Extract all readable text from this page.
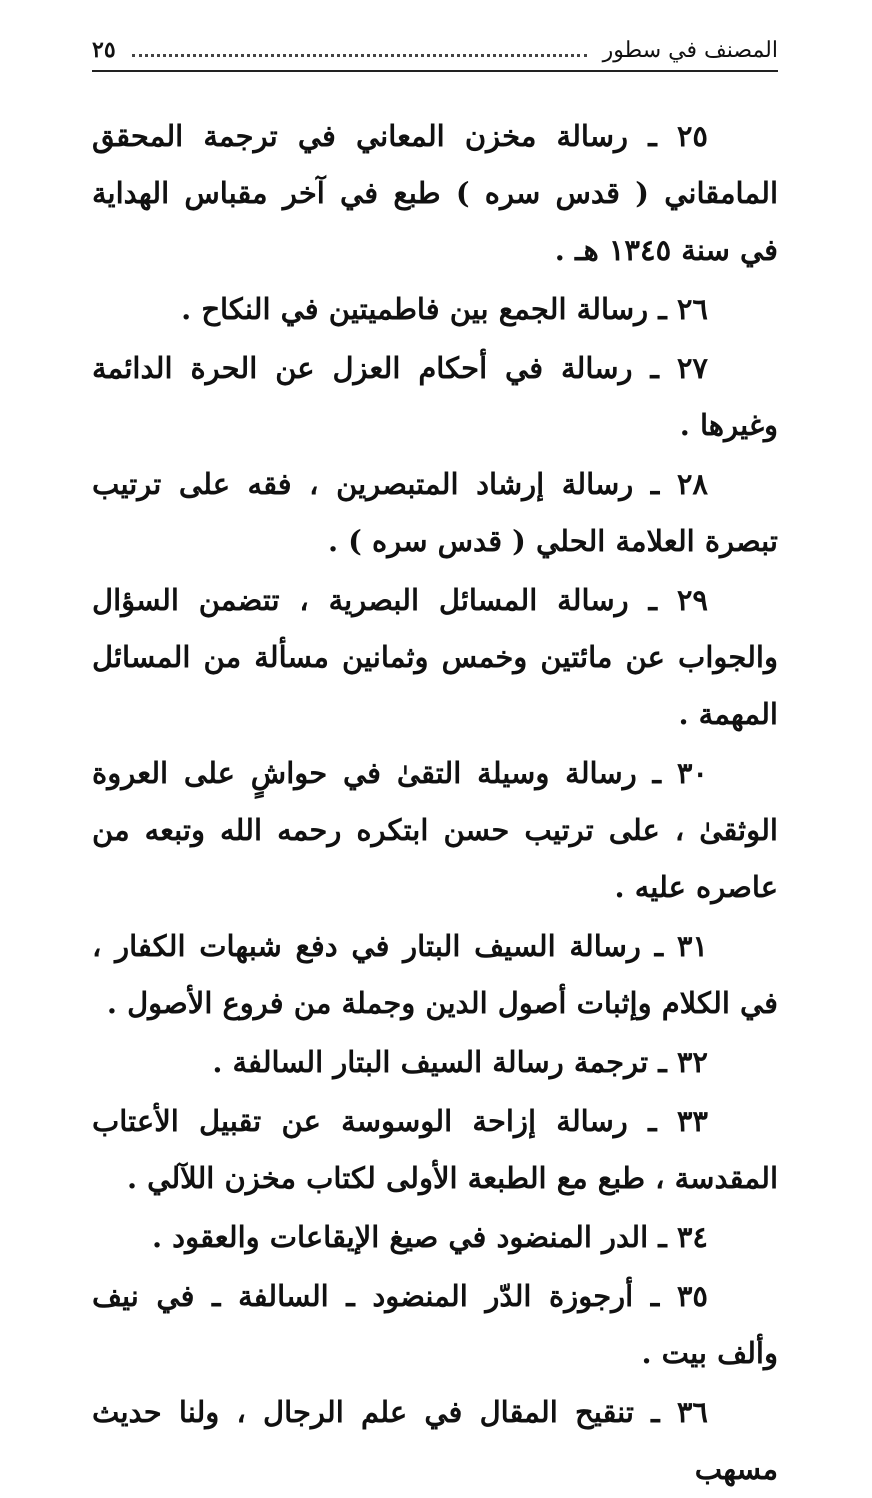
المصنف في سطور
٢٥

٢٥ ـ رسالة مخزن المعاني في ترجمة المحقق المامقاني ( قدس سره ) طبع في آخر مقباس الهداية في سنة ١٣٤٥ هـ .

٢٦ ـ رسالة الجمع بين فاطميتين في النكاح .

٢٧ ـ رسالة في أحكام العزل عن الحرة الدائمة وغيرها .

٢٨ ـ رسالة إرشاد المتبصرين ، فقه على ترتيب تبصرة العلامة الحلي ( قدس سره ) .

٢٩ ـ رسالة المسائل البصرية ، تتضمن السؤال والجواب عن مائتين وخمس وثمانين مسألة من المسائل المهمة .

٣٠ ـ رسالة وسيلة التقىٰ في حواشٍ على العروة الوثقىٰ ، على ترتيب حسن ابتكره رحمه الله وتبعه من عاصره عليه .

٣١ ـ رسالة السيف البتار في دفع شبهات الكفار ، في الكلام وإثبات أصول الدين وجملة من فروع الأصول .

٣٢ ـ ترجمة رسالة السيف البتار السالفة .

٣٣ ـ رسالة إزاحة الوسوسة عن تقبيل الأعتاب المقدسة ، طبع مع الطبعة الأولى لكتاب مخزن اللآلي .

٣٤ ـ الدر المنضود في صيغ الإيقاعات والعقود .

٣٥ ـ أرجوزة الدّر المنضود ـ السالفة ـ في نيف وألف بيت .

٣٦ ـ تنقيح المقال في علم الرجال ، ولنا حديث مسهب
